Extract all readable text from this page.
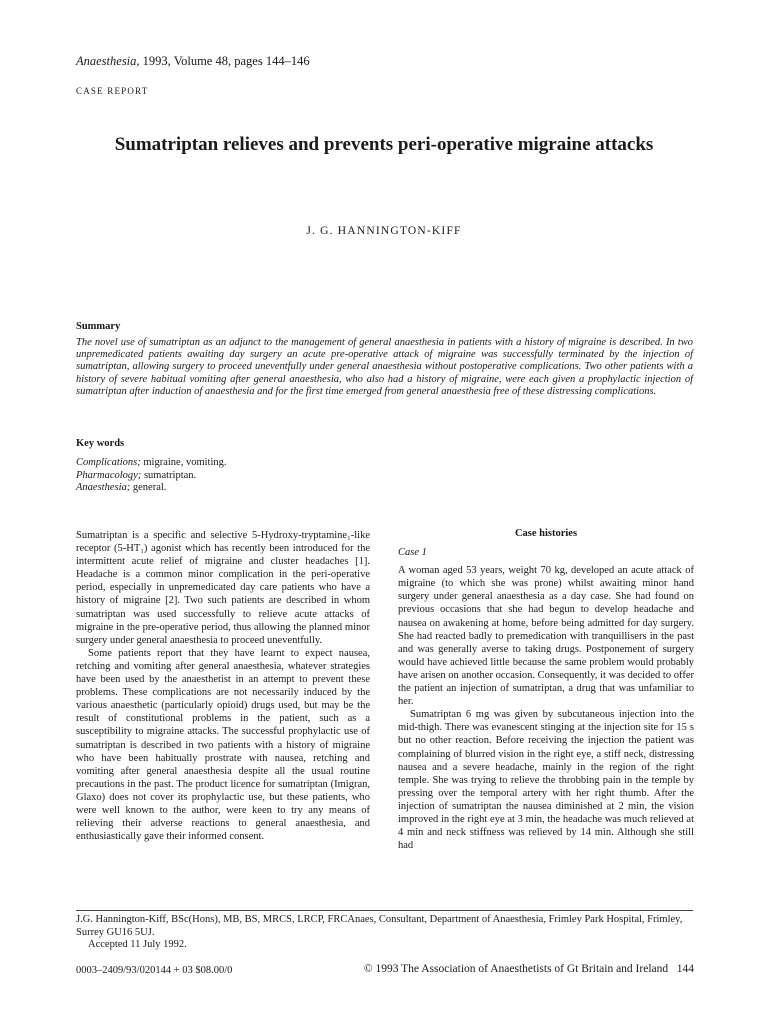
Anaesthesia, 1993, Volume 48, pages 144–146
CASE REPORT
Sumatriptan relieves and prevents peri-operative migraine attacks
J. G. HANNINGTON-KIFF
Summary
The novel use of sumatriptan as an adjunct to the management of general anaesthesia in patients with a history of migraine is described. In two unpremedicated patients awaiting day surgery an acute pre-operative attack of migraine was successfully terminated by the injection of sumatriptan, allowing surgery to proceed uneventfully under general anaesthesia without postoperative complications. Two other patients with a history of severe habitual vomiting after general anaesthesia, who also had a history of migraine, were each given a prophylactic injection of sumatriptan after induction of anaesthesia and for the first time emerged from general anaesthesia free of these distressing complications.
Key words
Complications; migraine, vomiting.
Pharmacology; sumatriptan.
Anaesthesia; general.

Sumatriptan is a specific and selective 5-Hydroxy-tryptamine₁-like receptor (5-HT₁) agonist which has recently been introduced for the intermittent acute relief of migraine and cluster headaches [1]. Headache is a common minor complication in the peri-operative period, especially in unpremedicated day care patients who have a history of migraine [2]. Two such patients are described in whom sumatriptan was used successfully to relieve acute attacks of migraine in the pre-operative period, thus allowing the planned minor surgery under general anaesthesia to proceed uneventfully.

Some patients report that they have learnt to expect nausea, retching and vomiting after general anaesthesia, whatever strategies have been used by the anaesthetist in an attempt to prevent these problems. These complications are not necessarily induced by the various anaesthetic (particularly opioid) drugs used, but may be the result of constitutional problems in the patient, such as a susceptibility to migraine attacks. The successful prophylactic use of sumatriptan is described in two patients with a history of migraine who have been habitually prostrate with nausea, retching and vomiting after general anaesthesia despite all the usual routine precautions in the past. The product licence for sumatriptan (Imigran, Glaxo) does not cover its prophylactic use, but these patients, who were well known to the author, were keen to try any means of relieving their adverse reactions to general anaesthesia, and enthusiastically gave their informed consent.

Case histories
Case 1

A woman aged 53 years, weight 70 kg, developed an acute attack of migraine (to which she was prone) whilst awaiting minor hand surgery under general anaesthesia as a day case. She had found on previous occasions that she had begun to develop headache and nausea on awakening at home, before being admitted for day surgery. She had reacted badly to premedication with tranquillisers in the past and was generally averse to taking drugs. Postponement of surgery would have achieved little because the same problem would probably have arisen on another occasion. Consequently, it was decided to offer the patient an injection of sumatriptan, a drug that was unfamiliar to her.

Sumatriptan 6 mg was given by subcutaneous injection into the mid-thigh. There was evanescent stinging at the injection site for 15 s but no other reaction. Before receiving the injection the patient was complaining of blurred vision in the right eye, a stiff neck, distressing nausea and a severe headache, mainly in the region of the right temple. She was trying to relieve the throbbing pain in the temple by pressing over the temporal artery with her right thumb. After the injection of sumatriptan the nausea diminished at 2 min, the vision improved in the right eye at 3 min, the headache was much relieved at 4 min and neck stiffness was relieved by 14 min. Although she still had

J.G. Hannington-Kiff, BSc(Hons), MB, BS, MRCS, LRCP, FRCAnaes, Consultant, Department of Anaesthesia, Frimley Park Hospital, Frimley, Surrey GU16 5UJ.
Accepted 11 July 1992.
0003–2409/93/020144 + 03 $08.00/0	© 1993 The Association of Anaesthetists of Gt Britain and Ireland 144
